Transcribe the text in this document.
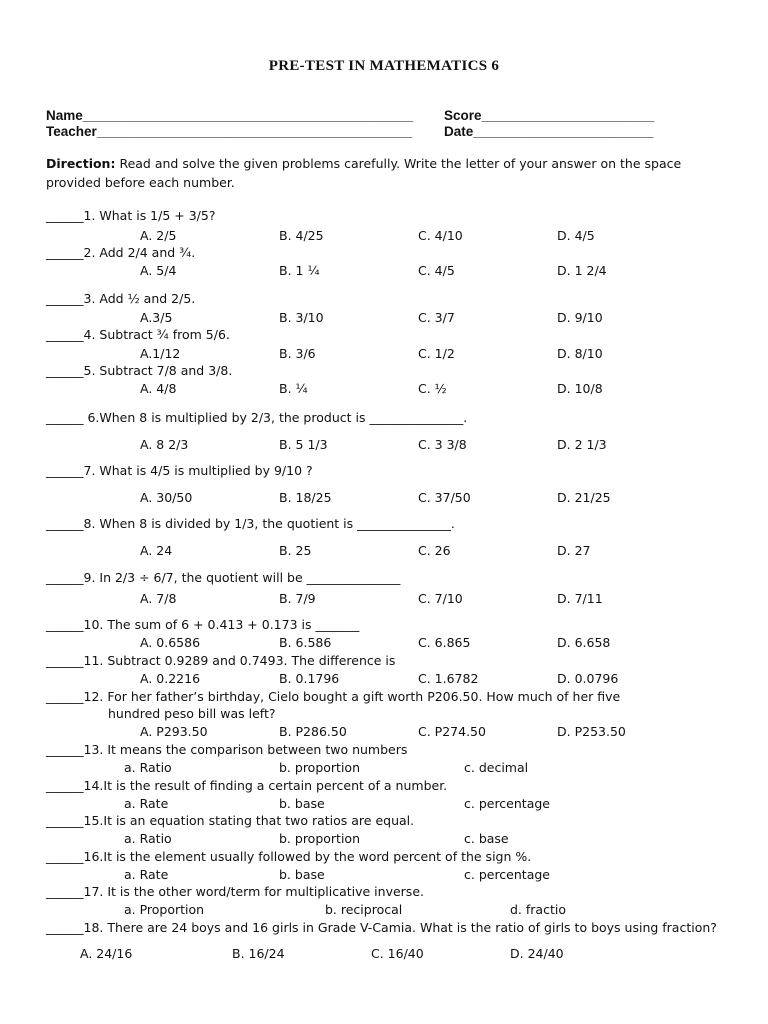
PRE-TEST IN MATHEMATICS 6
Name____________________________________________ Score_______________________
Teacher__________________________________________ Date________________________
Direction: Read and solve the given problems carefully. Write the letter of your answer on the space provided before each number.
______1. What is 1/5 + 3/5?
A. 2/5	B. 4/25	C. 4/10	D. 4/5
______2. Add 2/4 and ¾.
A. 5/4	B. 1 ¼	C. 4/5	D. 1 2/4
______3. Add ½ and 2/5.
A.3/5	B. 3/10	C. 3/7	D. 9/10
______4. Subtract ¾ from 5/6.
A.1/12	B. 3/6	C. 1/2	D. 8/10
______5. Subtract 7/8 and 3/8.
A. 4/8	B. ¼	C. ½	D. 10/8
______ 6.When 8 is multiplied by 2/3, the product is _______________.
A. 8 2/3	B. 5 1/3	C. 3 3/8	D. 2 1/3
______7. What is 4/5 is multiplied by 9/10 ?
A. 30/50	B. 18/25	C. 37/50	D. 21/25
______8. When 8 is divided by 1/3, the quotient is _______________.
A. 24	B. 25	C. 26	D. 27
______9. In 2/3 ÷ 6/7, the quotient will be _______________
A. 7/8	B. 7/9	C. 7/10	D. 7/11
______10. The sum of 6 + 0.413 + 0.173 is _______
A. 0.6586	B. 6.586	C. 6.865	D. 6.658
______11. Subtract 0.9289 and 0.7493. The difference is
A. 0.2216	B. 0.1796	C. 1.6782	D. 0.0796
______12. For her father’s birthday, Cielo bought a gift worth P206.50. How much of her five
hundred peso bill was left?
A. P293.50	B. P286.50	C. P274.50	D. P253.50
______13. It means the comparison between two numbers
a. Ratio	b. proportion	c. decimal
______14.It is the result of finding a certain percent of a number.
a. Rate	b. base	c. percentage
______15.It is an equation stating that two ratios are equal.
a. Ratio	b. proportion	c. base
______16.It is the element usually followed by the word percent of the sign %.
a. Rate	b. base	c. percentage
______17. It is the other word/term for multiplicative inverse.
a. Proportion	b. reciprocal	d. fractio
______18. There are 24 boys and 16 girls in Grade V-Camia. What is the ratio of girls to boys using fraction?
A. 24/16	B. 16/24	C. 16/40	D. 24/40
